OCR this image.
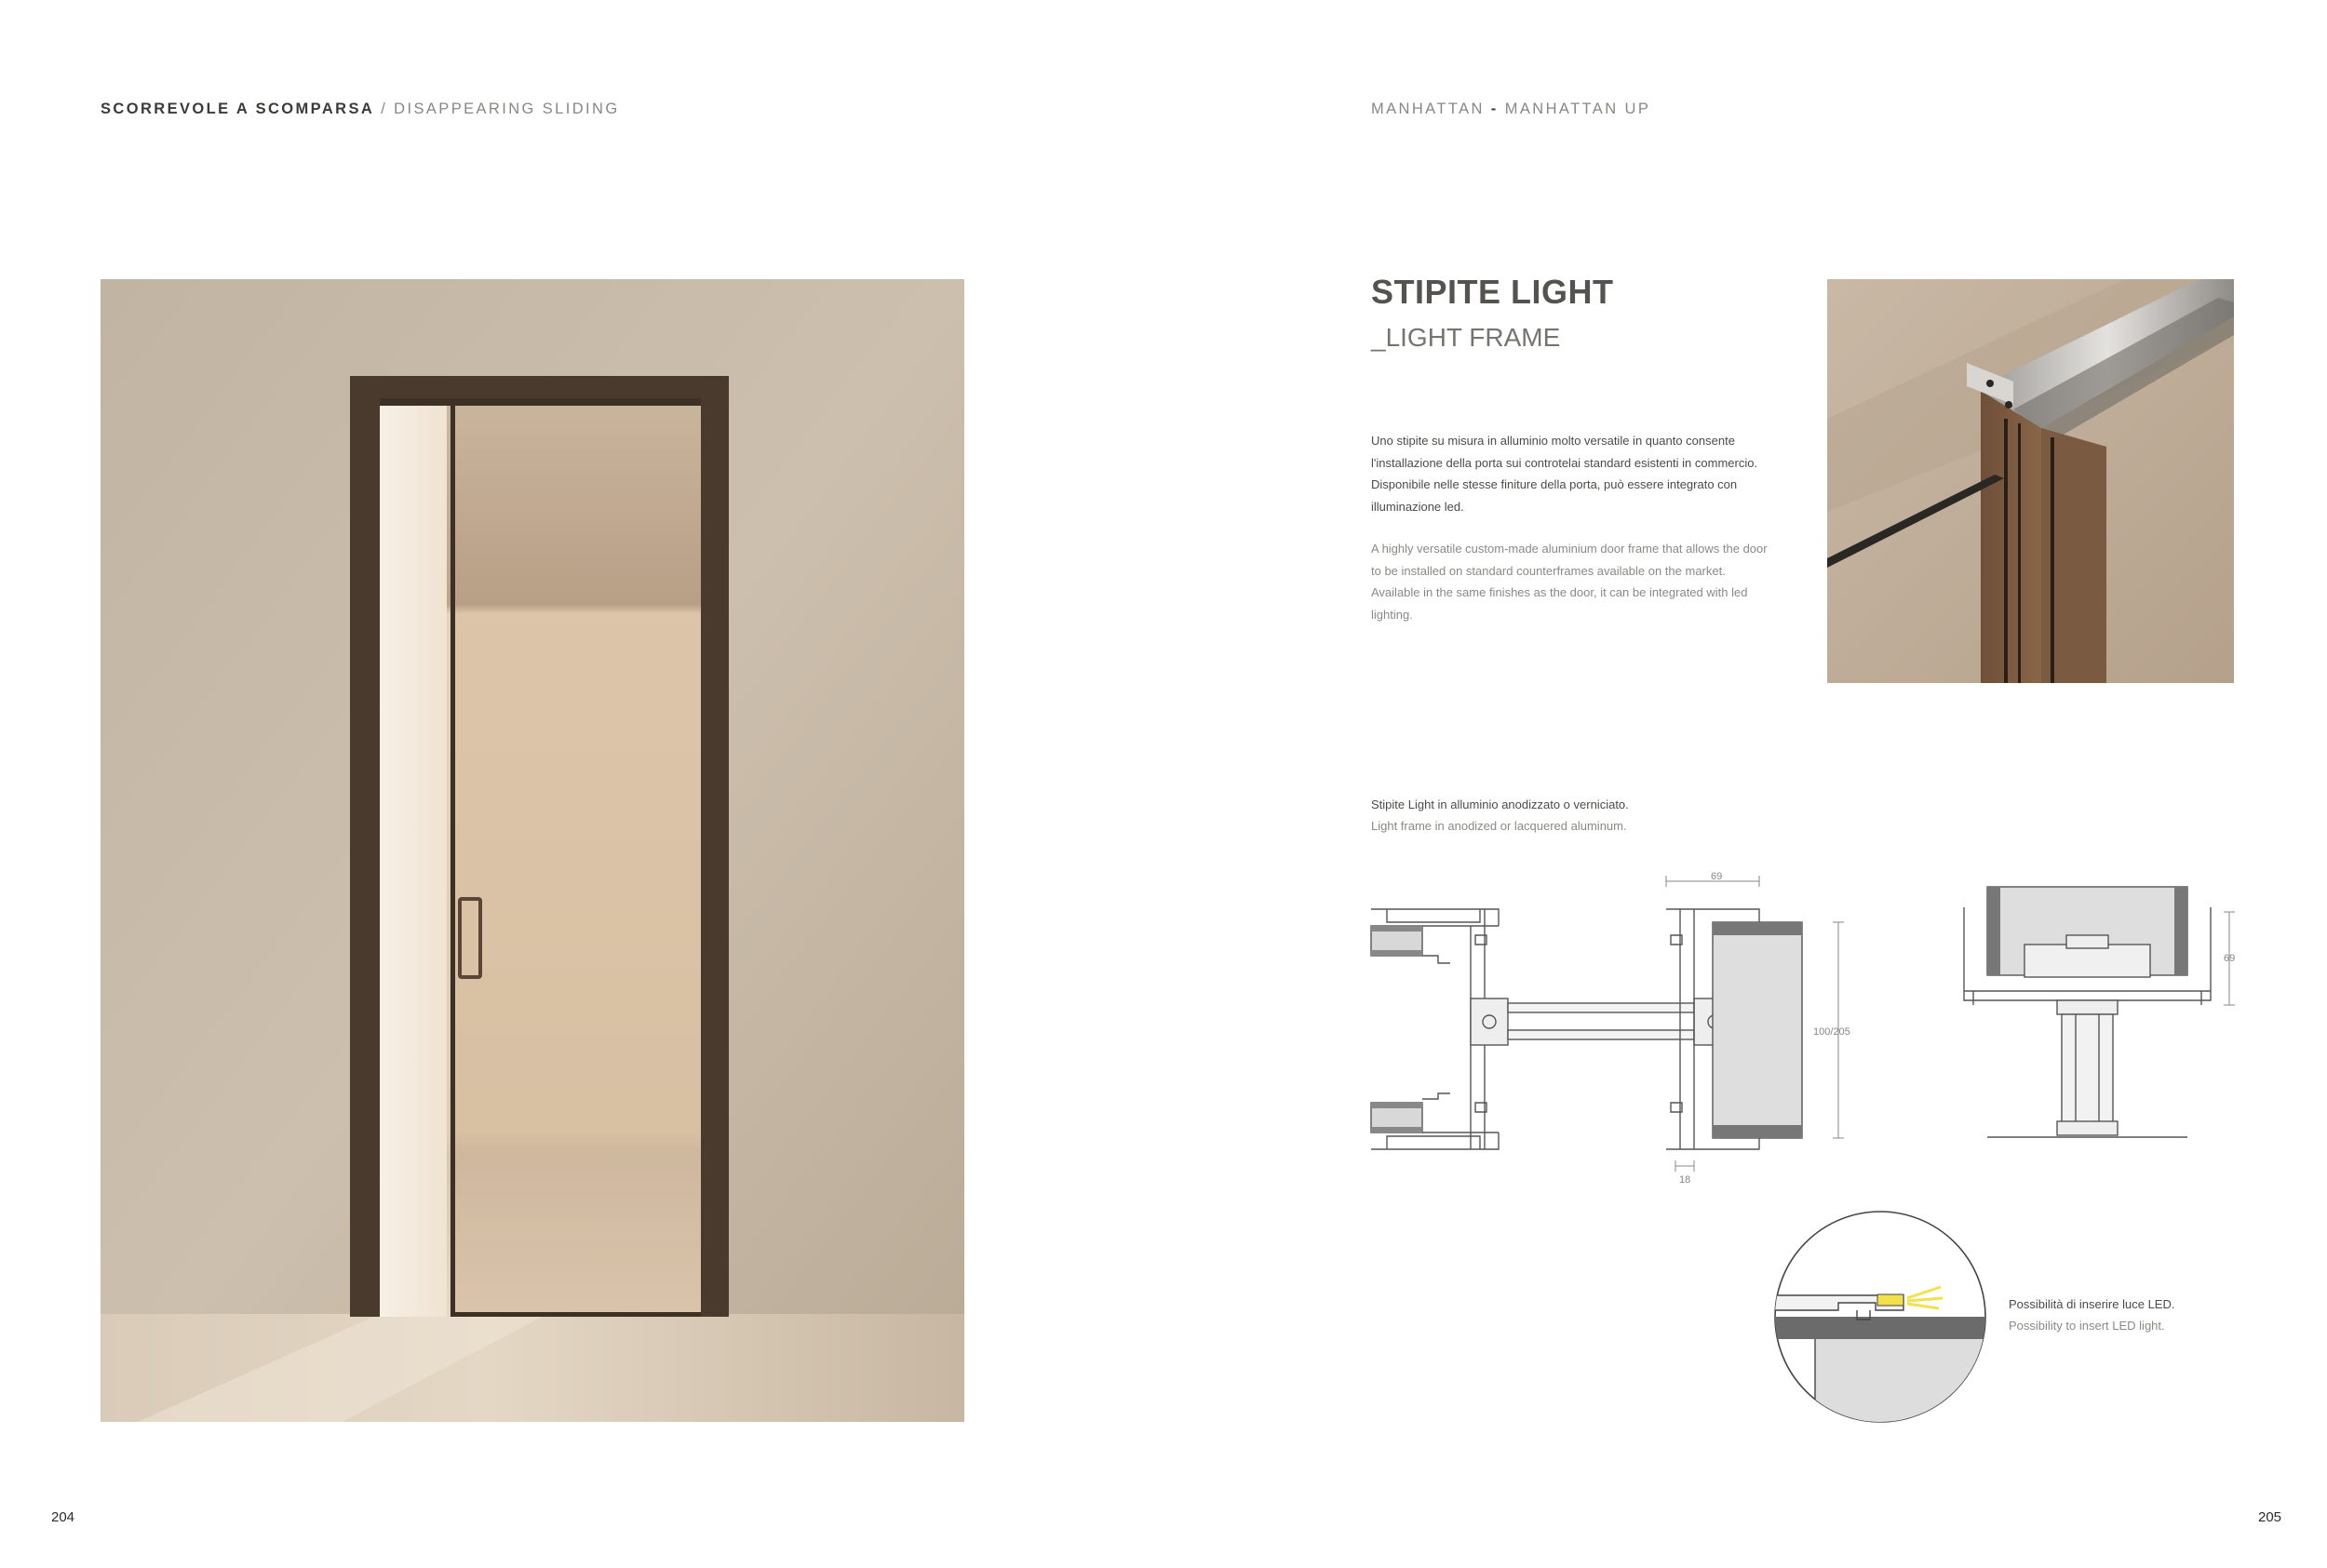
SCORREVOLE A SCOMPARSA / DISAPPEARING SLIDING	MANHATTAN - MANHATTAN UP
STIPITE LIGHT
_LIGHT FRAME
Uno stipite su misura in alluminio molto versatile in quanto consente l'installazione della porta sui controtelai standard esistenti in commercio. Disponibile nelle stesse finiture della porta, può essere integrato con illuminazione led.
A highly versatile custom-made aluminium door frame that allows the door to be installed on standard counterframes available on the market. Available in the same finishes as the door, it can be integrated with led lighting.
Stipite Light in alluminio anodizzato o verniciato.
Light frame in anodized or lacquered aluminum.
69
100/205
18
69
Possibilità di inserire luce LED.
Possibility to insert LED light.
204	205
